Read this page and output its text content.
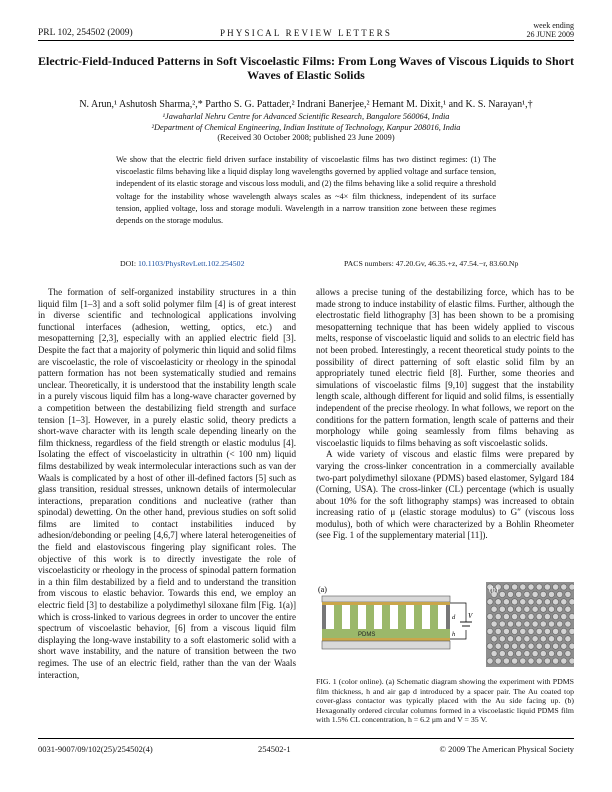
PRL 102, 254502 (2009)	PHYSICAL REVIEW LETTERS
week ending
26 JUNE 2009
Electric-Field-Induced Patterns in Soft Viscoelastic Films: From Long Waves of Viscous Liquids to Short Waves of Elastic Solids
N. Arun,¹ Ashutosh Sharma,²,* Partho S. G. Pattader,² Indrani Banerjee,² Hemant M. Dixit,¹ and K. S. Narayan¹,†
¹Jawaharlal Nehru Centre for Advanced Scientific Research, Bangalore 560064, India
²Department of Chemical Engineering, Indian Institute of Technology, Kanpur 208016, India
(Received 30 October 2008; published 23 June 2009)
We show that the electric field driven surface instability of viscoelastic films has two distinct regimes: (1) The viscoelastic films behaving like a liquid display long wavelengths governed by applied voltage and surface tension, independent of its elastic storage and viscous loss moduli, and (2) the films behaving like a solid require a threshold voltage for the instability whose wavelength always scales as ~4× film thickness, independent of its surface tension, applied voltage, loss and storage moduli. Wavelength in a narrow transition zone between these regimes depends on the storage modulus.
DOI: 10.1103/PhysRevLett.102.254502	PACS numbers: 47.20.Gv, 46.35.+z, 47.54.−r, 83.60.Np

The formation of self-organized instability structures in a thin liquid film [1–3] and a soft solid polymer film [4] is of great interest in diverse scientific and technological applications involving functional interfaces (adhesion, wetting, optics, etc.) and mesopatterning [2,3], especially with an applied electric field [3]. Despite the fact that a majority of polymeric thin liquid and solid films are viscoelastic, the role of viscoelasticity or rheology in the spinodal pattern formation has not been systematically studied and remains unclear. Theoretically, it is understood that the instability length scale in a purely viscous liquid film has a long-wave character governed by a competition between the destabilizing field strength and surface tension [1–3]. However, in a purely elastic solid, theory predicts a short-wave character with its length scale depending linearly on the film thickness, regardless of the field strength or elastic modulus [4]. Isolating the effect of viscoelasticity in ultrathin (< 100 nm) liquid films destabilized by weak intermolecular interactions such as van der Waals is complicated by a host of other ill-defined factors [5] such as glass transition, residual stresses, unknown details of intermolecular interactions, preparation conditions and nucleative (rather than spinodal) dewetting. On the other hand, previous studies on soft solid films are limited to contact instabilities induced by adhesion/debonding or peeling [4,6,7] where lateral heterogeneities of the field and elastoviscous fingering play significant roles. The objective of this work is to directly investigate the role of viscoelasticity or rheology in the process of spinodal pattern formation in a thin film destabilized by a field and to understand the transition from viscous to elastic behavior. Towards this end, we employ an electric field [3] to destabilize a polydimethyl siloxane film [Fig. 1(a)] which is cross-linked to various degrees in order to uncover the entire spectrum of viscoelastic behavior, [6] from a viscous liquid film displaying the long-wave instability to a soft elastomeric solid with a short wave instability, and the nature of transition between the two regimes. The use of an electric field, rather than the van der Waals interaction,

allows a precise tuning of the destabilizing force, which has to be made strong to induce instability of elastic films. Further, although the electrostatic field lithography [3] has been shown to be a promising mesopatterning technique that has been widely applied to viscous melts, response of viscoelastic liquid and solids to an electric field has not been probed. Interestingly, a recent theoretical study points to the possibility of direct patterning of soft elastic solid film by an appropriately tuned electric field [8]. Further, some theories and simulations of viscoelastic films [9,10] suggest that the instability length scale, although different for liquid and solid films, is essentially independent of the precise rheology. In what follows, we report on the conditions for the pattern formation, length scale of patterns and their morphology while going seamlessly from films behaving as viscoelastic liquids to films behaving as soft viscoelastic solids.

A wide variety of viscous and elastic films were prepared by varying the cross-linker concentration in a commercially available two-part polydimethyl siloxane (PDMS) based elastomer, Sylgard 184 (Corning, USA). The cross-linker (CL) percentage (which is usually about 10% for the soft lithography stamps) was increased to obtain increasing ratio of μ (elastic storage modulus) to G″ (viscous loss modulus), both of which were characterized by a Bohlin Rheometer (see Fig. 1 of the supplementary material [11]).

(a)
PDMS
V
h
d
(b)
FIG. 1 (color online). (a) Schematic diagram showing the experiment with PDMS film thickness, h and air gap d introduced by a spacer pair. The Au coated top cover-glass contactor was typically placed with the Au side facing up. (b) Hexagonally ordered circular columns formed in a viscoelastic liquid PDMS film with 1.5% CL concentration, h = 6.2 μm and V = 35 V.
0031-9007/09/102(25)/254502(4)	254502-1	© 2009 The American Physical Society
